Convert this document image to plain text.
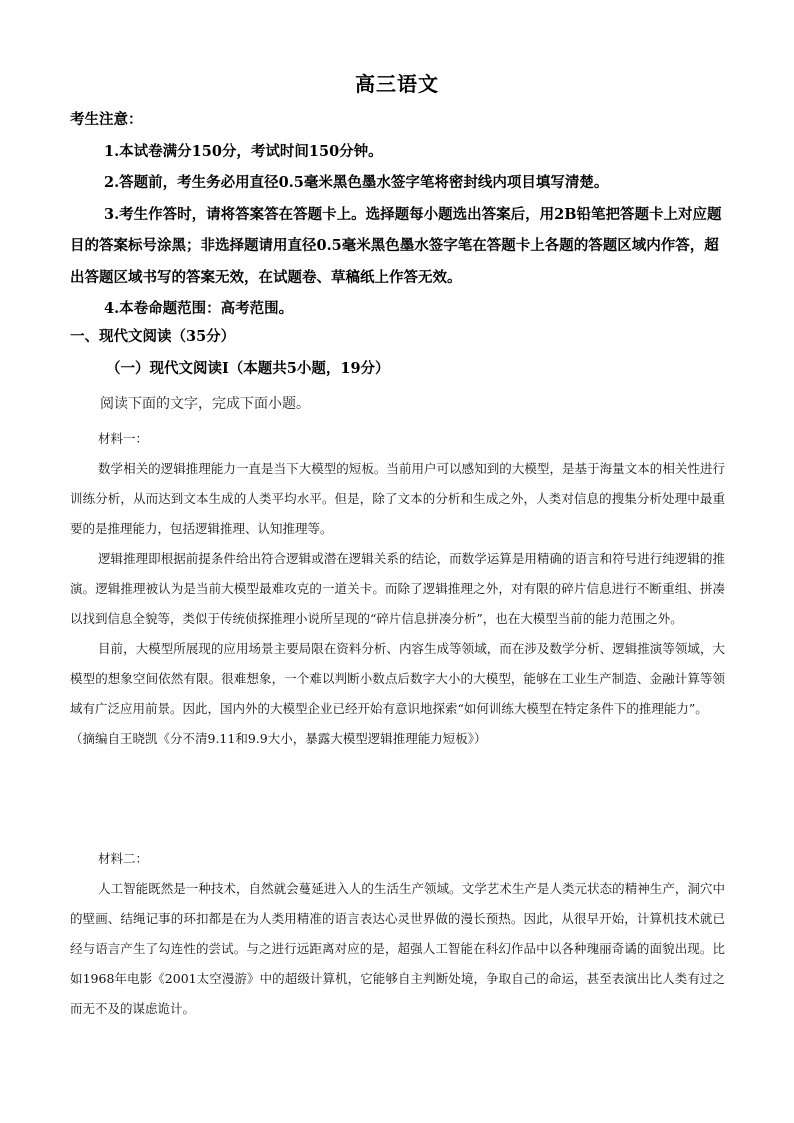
高三语文

考生注意：

1.本试卷满分150分，考试时间150分钟。

2.答题前，考生务必用直径0.5毫米黑色墨水签字笔将密封线内项目填写清楚。

3.考生作答时，请将答案答在答题卡上。选择题每小题选出答案后，用2B铅笔把答题卡上对应题目的答案标号涂黑；非选择题请用直径0.5毫米黑色墨水签字笔在答题卡上各题的答题区域内作答，超出答题区域书写的答案无效，在试题卷、草稿纸上作答无效。

4.本卷命题范围：高考范围。

一、现代文阅读（35分）
（一）现代文阅读Ⅰ（本题共5小题，19分）
阅读下面的文字，完成下面小题。

材料一：

数学相关的逻辑推理能力一直是当下大模型的短板。当前用户可以感知到的大模型，是基于海量文本的相关性进行训练分析，从而达到文本生成的人类平均水平。但是，除了文本的分析和生成之外，人类对信息的搜集分析处理中最重要的是推理能力，包括逻辑推理、认知推理等。

逻辑推理即根据前提条件给出符合逻辑或潜在逻辑关系的结论，而数学运算是用精确的语言和符号进行纯逻辑的推演。逻辑推理被认为是当前大模型最难攻克的一道关卡。而除了逻辑推理之外，对有限的碎片信息进行不断重组、拼凑以找到信息全貌等，类似于传统侦探推理小说所呈现的“碎片信息拼凑分析”，也在大模型当前的能力范围之外。

目前，大模型所展现的应用场景主要局限在资料分析、内容生成等领域，而在涉及数学分析、逻辑推演等领域，大模型的想象空间依然有限。很难想象，一个难以判断小数点后数字大小的大模型，能够在工业生产制造、金融计算等领域有广泛应用前景。因此，国内外的大模型企业已经开始有意识地探索“如何训练大模型在特定条件下的推理能力”。

（摘编自王晓凯《分不清9.11和9.9大小，暴露大模型逻辑推理能力短板》）

材料二：

人工智能既然是一种技术，自然就会蔓延进入人的生活生产领域。文学艺术生产是人类元状态的精神生产，洞穴中的壁画、结绳记事的环扣都是在为人类用精准的语言表达心灵世界做的漫长预热。因此，从很早开始，计算机技术就已经与语言产生了勾连性的尝试。与之进行远距离对应的是，超强人工智能在科幻作品中以各种瑰丽奇谲的面貌出现。比如1968年电影《2001太空漫游》中的超级计算机，它能够自主判断处境，争取自己的命运，甚至表演出比人类有过之而无不及的谋虑诡计。
